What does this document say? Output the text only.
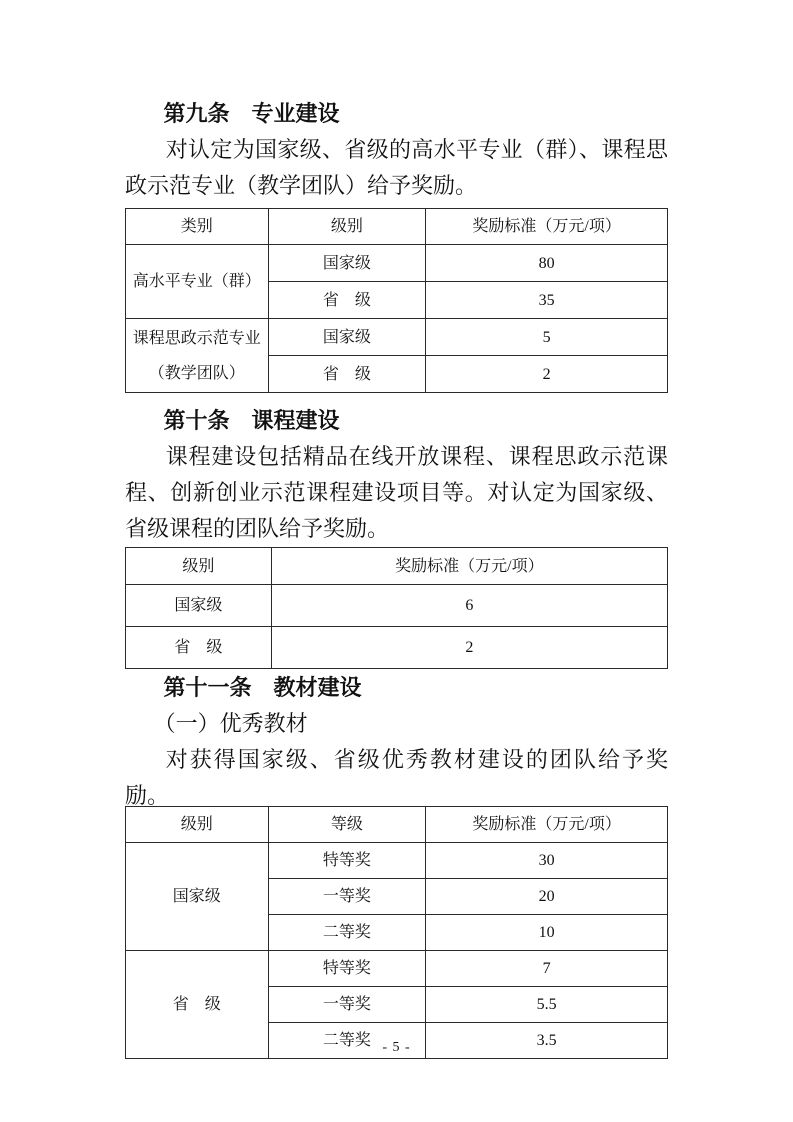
第九条　专业建设

对认定为国家级、省级的高水平专业（群）、课程思政示范专业（教学团队）给予奖励。

类别	级别	奖励标准（万元/项）
高水平专业（群）	国家级	80
	省　级	35
课程思政示范专业（教学团队）	国家级	5
	省　级	2

第十条　课程建设

课程建设包括精品在线开放课程、课程思政示范课程、创新创业示范课程建设项目等。对认定为国家级、省级课程的团队给予奖励。

级别	奖励标准（万元/项）
国家级	6
省　级	2

第十一条　教材建设

（一）优秀教材

对获得国家级、省级优秀教材建设的团队给予奖励。

级别	等级	奖励标准（万元/项）
国家级	特等奖	30
	一等奖	20
	二等奖	10
省　级	特等奖	7
	一等奖	5.5
	二等奖	3.5
- 5 -
